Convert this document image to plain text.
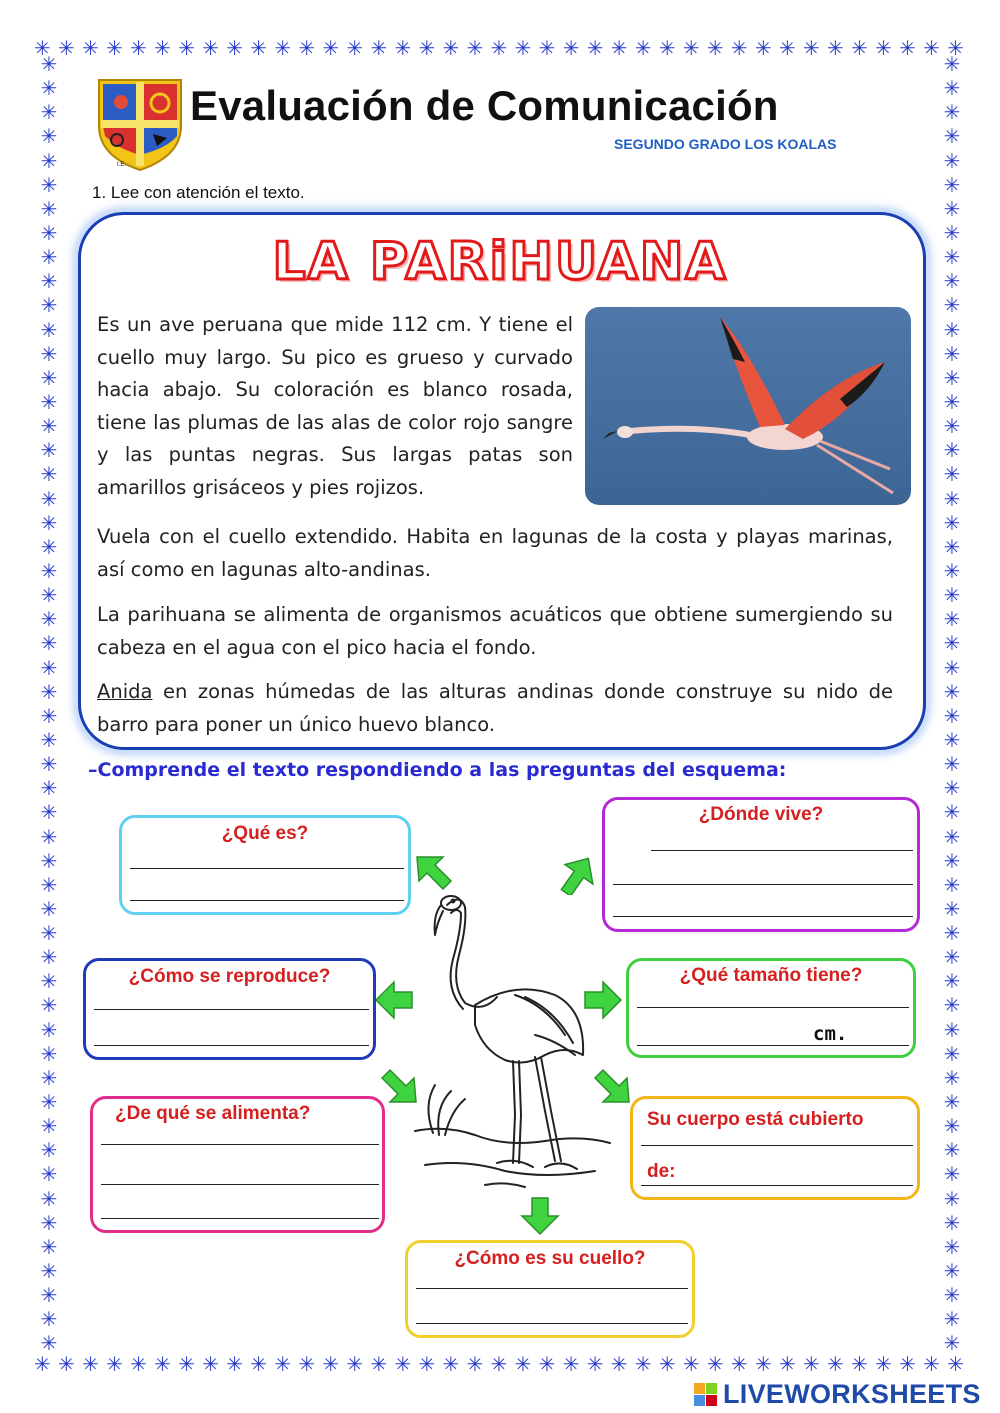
✳ ✳ ✳ ✳ ✳ ✳ ✳ ✳ ✳ ✳ ✳ ✳ ✳ ✳ ✳ ✳ ✳ ✳ ✳ ✳ ✳ ✳ ✳ ✳ ✳ ✳ ✳ ✳ ✳ ✳ ✳ ✳ ✳ ✳ ✳ ✳ ✳ ✳ ✳
✳ ✳ ✳ ✳ ✳ ✳ ✳ ✳ ✳ ✳ ✳ ✳ ✳ ✳ ✳ ✳ ✳ ✳ ✳ ✳ ✳ ✳ ✳ ✳ ✳ ✳ ✳ ✳ ✳ ✳ ✳ ✳ ✳ ✳ ✳ ✳ ✳ ✳ ✳
✳
✳
✳
✳
✳
✳
✳
✳
✳
✳
✳
✳
✳
✳
✳
✳
✳
✳
✳
✳
✳
✳
✳
✳
✳
✳
✳
✳
✳
✳
✳
✳
✳
✳
✳
✳
✳
✳
✳
✳
✳
✳
✳
✳
✳
✳
✳
✳
✳
✳
✳
✳
✳
✳
✳
✳
✳
✳
✳
✳
✳
✳
✳
✳
✳
✳
✳
✳
✳
✳
✳
✳
✳
✳
✳
✳
✳
✳
✳
✳
✳
✳
✳
✳
✳
✳
✳
✳
✳
✳
✳
✳
✳
✳
✳
✳
✳
✳
✳
✳
✳
✳
✳
✳
✳
✳
✳
✳
I.E.
Evaluación de Comunicación
SEGUNDO GRADO LOS KOALAS
1. Lee con atención el texto.
LA PARiHUANA
Es un ave peruana que mide 112 cm. Y tiene el cuello muy largo. Su pico es grueso y curvado hacia abajo. Su coloración es blanco rosada, tiene las plumas de las alas de color rojo sangre y las puntas negras. Sus largas patas son amarillos grisáceos y pies rojizos.
Vuela con el cuello extendido. Habita en lagunas de la costa y playas marinas, así como en lagunas alto-andinas.
La parihuana se alimenta de organismos acuáticos que obtiene sumergiendo su cabeza en el agua con el pico hacia el fondo.
Anida en zonas húmedas de las alturas andinas donde construye su nido de barro para poner un único huevo blanco.
–Comprende el texto respondiendo a las preguntas del esquema:
¿Qué es?
¿Dónde vive?
¿Cómo se reproduce?	¿Qué tamaño tiene?
cm.
¿De qué se alimenta?	Su cuerpo está cubierto
de:
¿Cómo es su cuello?
LIVEWORKSHEETS
